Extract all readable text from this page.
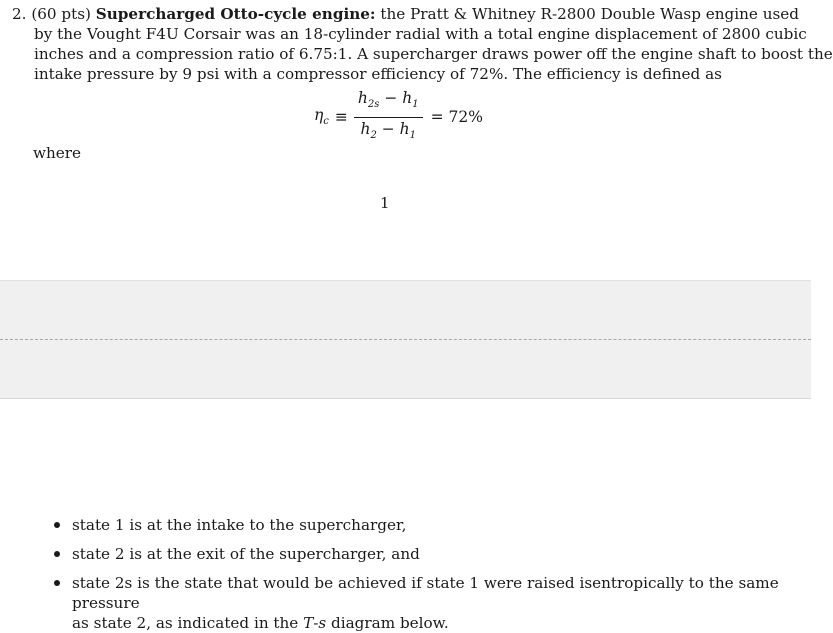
2. (60 pts) Supercharged Otto-cycle engine: the Pratt & Whitney R-2800 Double Wasp engine used
by the Vought F4U Corsair was an 18-cylinder radial with a total engine displacement of 2800 cubic
inches and a compression ratio of 6.75:1. A supercharger draws power off the engine shaft to boost the
intake pressure by 9 psi with a compressor efficiency of 72%. The efficiency is defined as
$\eta_c \equiv \frac{h_{2s} - h_1}{h_2 - h_1} = 72\%$
where
1
state 1 is at the intake to the supercharger,
state 2 is at the exit of the supercharger, and
state 2s is the state that would be achieved if state 1 were raised isentropically to the same pressure
as state 2, as indicated in the T-s diagram below.
